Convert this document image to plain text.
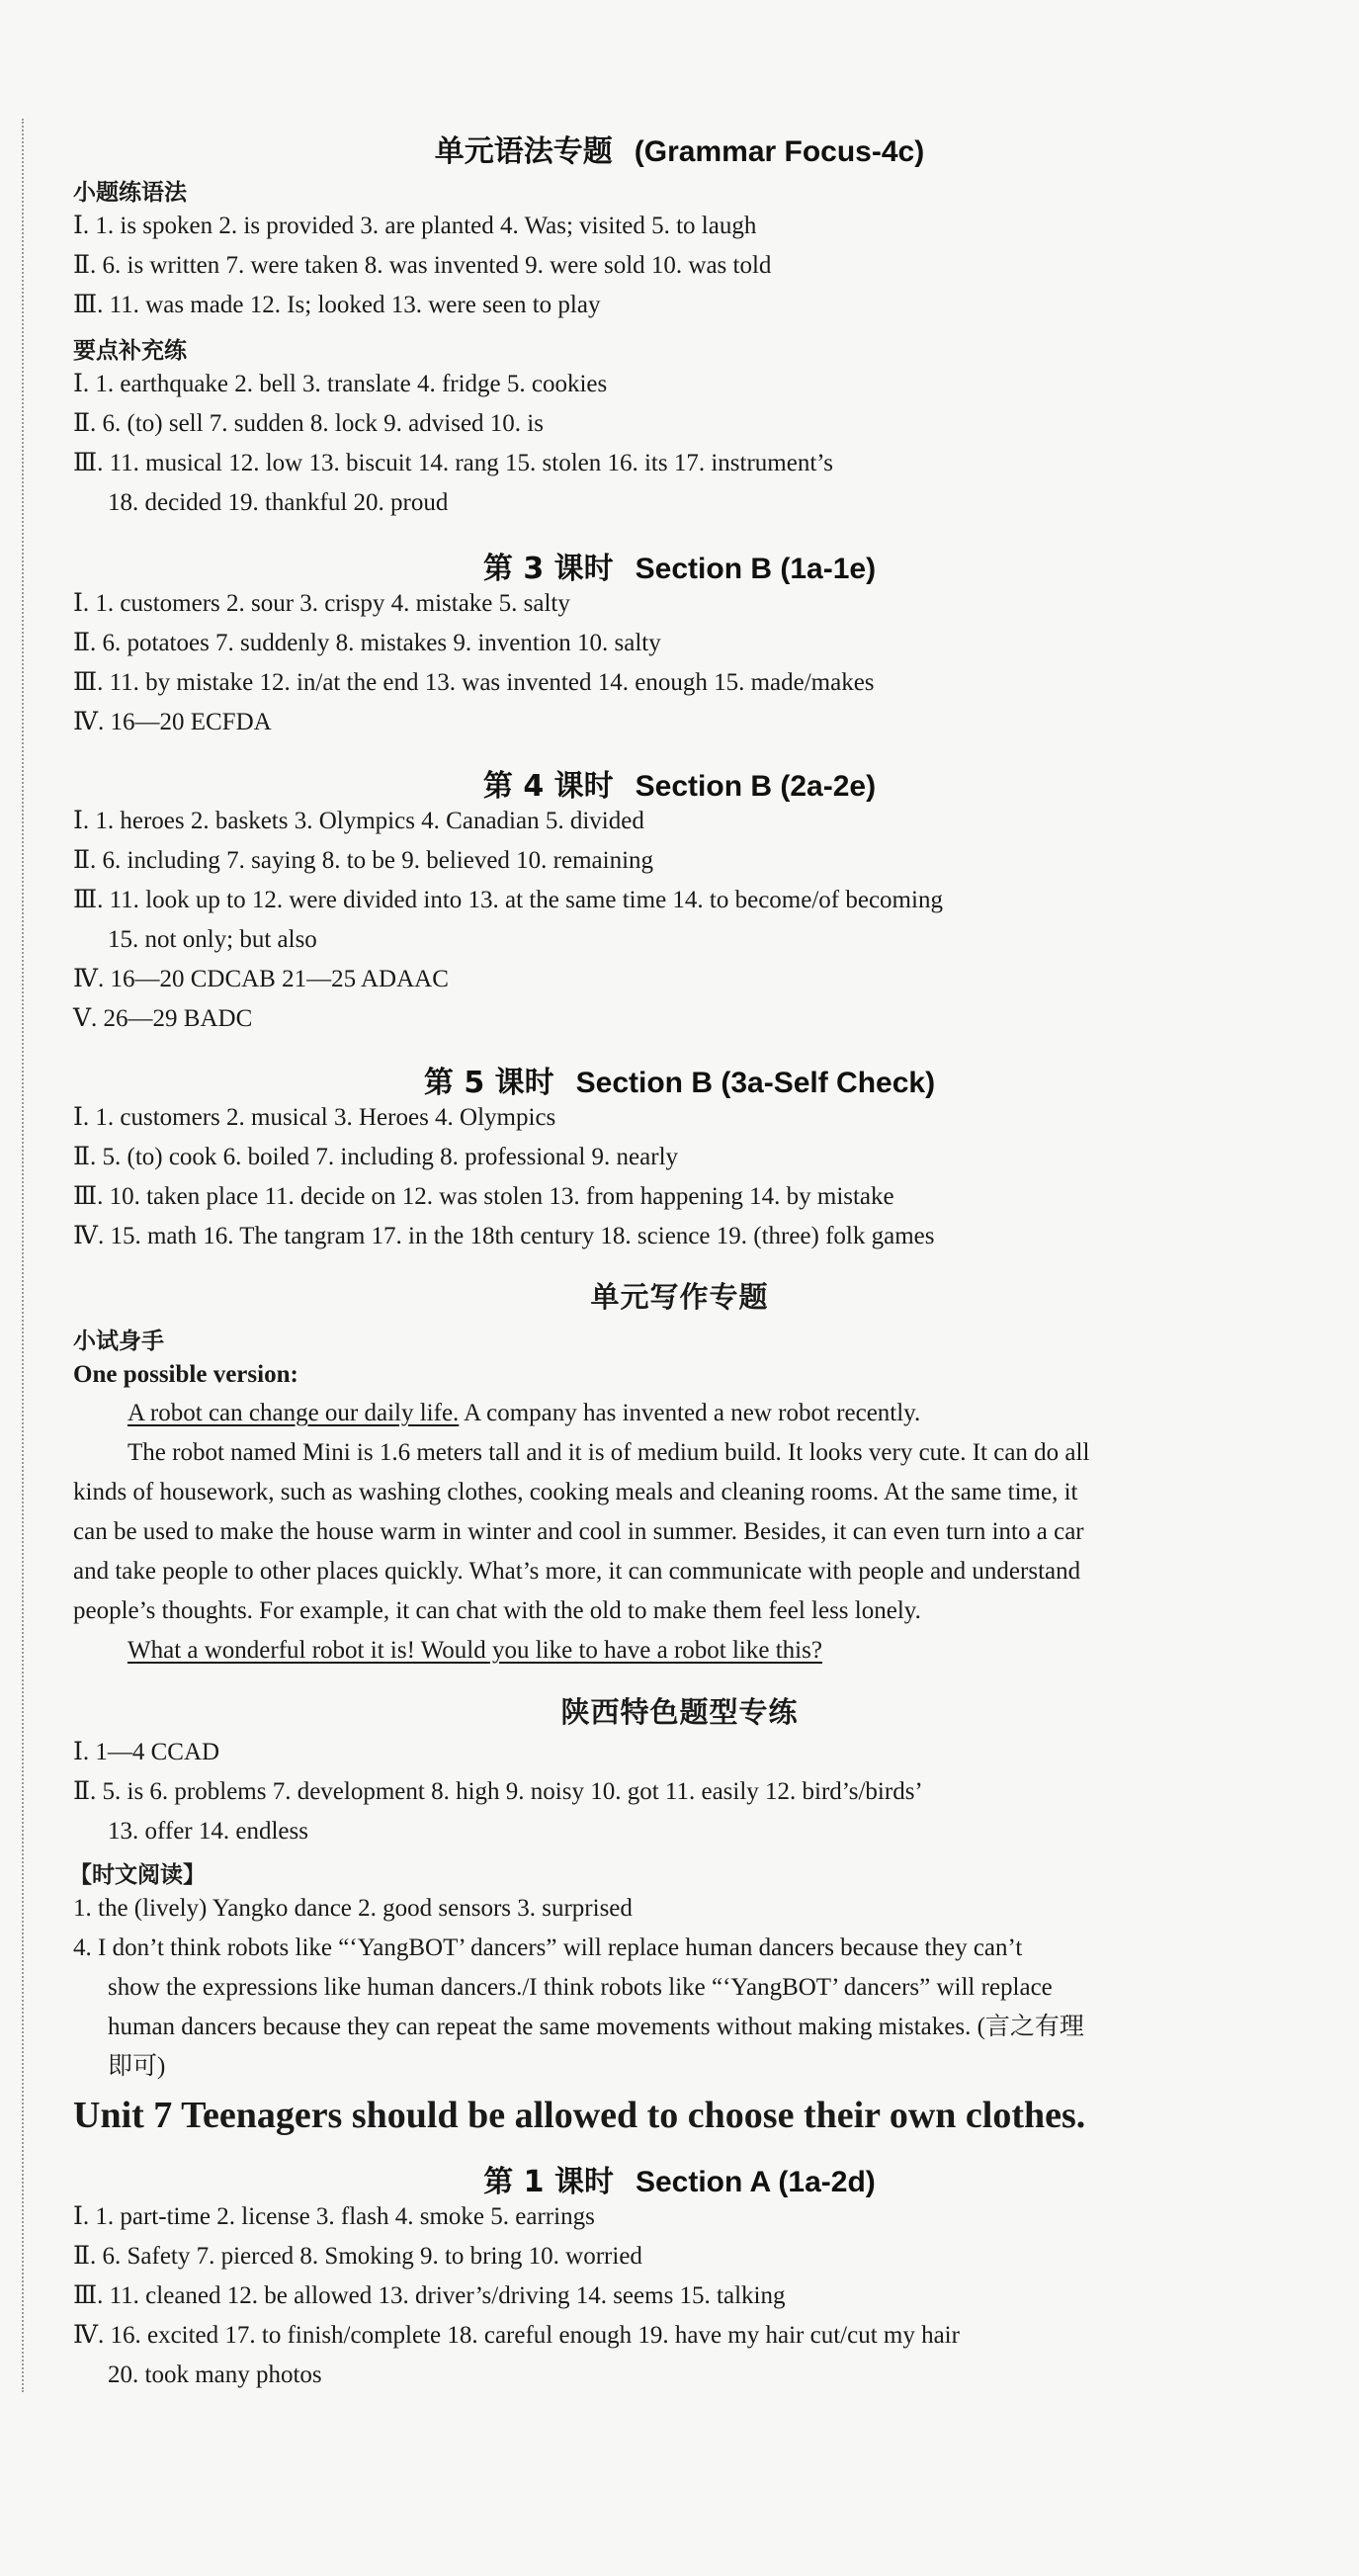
单元语法专题 (Grammar Focus-4c)
小题练语法
Ⅰ. 1. is spoken 2. is provided 3. are planted 4. Was; visited 5. to laugh
Ⅱ. 6. is written 7. were taken 8. was invented 9. were sold 10. was told
Ⅲ. 11. was made 12. Is; looked 13. were seen to play
要点补充练
Ⅰ. 1. earthquake 2. bell 3. translate 4. fridge 5. cookies
Ⅱ. 6. (to) sell 7. sudden 8. lock 9. advised 10. is
Ⅲ. 11. musical 12. low 13. biscuit 14. rang 15. stolen 16. its 17. instrument’s
18. decided 19. thankful 20. proud
第 3 课时 Section B (1a-1e)
Ⅰ. 1. customers 2. sour 3. crispy 4. mistake 5. salty
Ⅱ. 6. potatoes 7. suddenly 8. mistakes 9. invention 10. salty
Ⅲ. 11. by mistake 12. in/at the end 13. was invented 14. enough 15. made/makes
Ⅳ. 16—20 ECFDA
第 4 课时 Section B (2a-2e)
Ⅰ. 1. heroes 2. baskets 3. Olympics 4. Canadian 5. divided
Ⅱ. 6. including 7. saying 8. to be 9. believed 10. remaining
Ⅲ. 11. look up to 12. were divided into 13. at the same time 14. to become/of becoming
15. not only; but also
Ⅳ. 16—20 CDCAB 21—25 ADAAC
Ⅴ. 26—29 BADC
第 5 课时 Section B (3a-Self Check)
Ⅰ. 1. customers 2. musical 3. Heroes 4. Olympics
Ⅱ. 5. (to) cook 6. boiled 7. including 8. professional 9. nearly
Ⅲ. 10. taken place 11. decide on 12. was stolen 13. from happening 14. by mistake
Ⅳ. 15. math 16. The tangram 17. in the 18th century 18. science 19. (three) folk games
单元写作专题
小试身手
One possible version:
A robot can change our daily life. A company has invented a new robot recently.
The robot named Mini is 1.6 meters tall and it is of medium build. It looks very cute. It can do all
kinds of housework, such as washing clothes, cooking meals and cleaning rooms. At the same time, it
can be used to make the house warm in winter and cool in summer. Besides, it can even turn into a car
and take people to other places quickly. What’s more, it can communicate with people and understand
people’s thoughts. For example, it can chat with the old to make them feel less lonely.
What a wonderful robot it is! Would you like to have a robot like this?
陕西特色题型专练
Ⅰ. 1—4 CCAD
Ⅱ. 5. is 6. problems 7. development 8. high 9. noisy 10. got 11. easily 12. bird’s/birds’
13. offer 14. endless
【时文阅读】
1. the (lively) Yangko dance 2. good sensors 3. surprised
4. I don’t think robots like “‘YangBOT’ dancers” will replace human dancers because they can’t
show the expressions like human dancers./I think robots like “‘YangBOT’ dancers” will replace
human dancers because they can repeat the same movements without making mistakes. (言之有理
即可)
Unit 7 Teenagers should be allowed to choose their own clothes.
第 1 课时 Section A (1a-2d)
Ⅰ. 1. part-time 2. license 3. flash 4. smoke 5. earrings
Ⅱ. 6. Safety 7. pierced 8. Smoking 9. to bring 10. worried
Ⅲ. 11. cleaned 12. be allowed 13. driver’s/driving 14. seems 15. talking
Ⅳ. 16. excited 17. to finish/complete 18. careful enough 19. have my hair cut/cut my hair
20. took many photos
